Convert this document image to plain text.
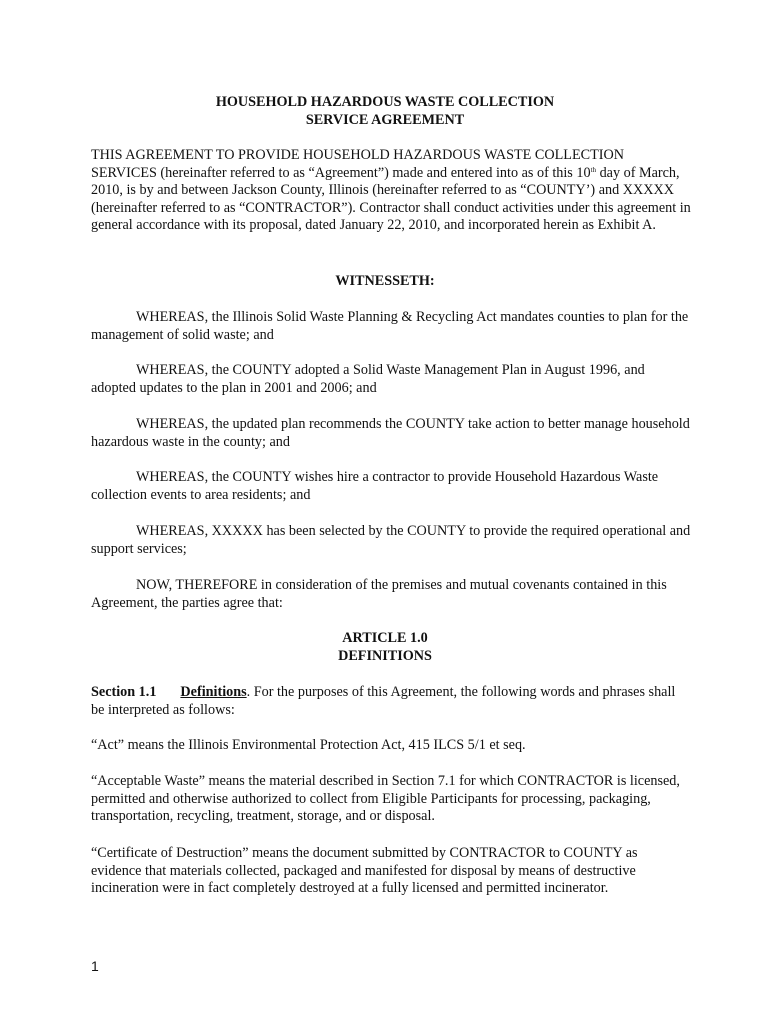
HOUSEHOLD HAZARDOUS WASTE COLLECTION
SERVICE AGREEMENT

THIS AGREEMENT TO PROVIDE HOUSEHOLD HAZARDOUS WASTE COLLECTION SERVICES (hereinafter referred to as “Agreement”) made and entered into as of this 10th day of March, 2010, is by and between Jackson County, Illinois (hereinafter referred to as “COUNTY’) and XXXXX (hereinafter referred to as “CONTRACTOR”). Contractor shall conduct activities under this agreement in general accordance with its proposal, dated January 22, 2010, and incorporated herein as Exhibit A.

WITNESSETH:

WHEREAS, the Illinois Solid Waste Planning & Recycling Act mandates counties to plan for the management of solid waste; and

WHEREAS, the COUNTY adopted a Solid Waste Management Plan in August 1996, and adopted updates to the plan in 2001 and 2006; and

WHEREAS, the updated plan recommends the COUNTY take action to better manage household hazardous waste in the county; and

WHEREAS, the COUNTY wishes hire a contractor to provide Household Hazardous Waste collection events to area residents; and

WHEREAS, XXXXX has been selected by the COUNTY to provide the required operational and support services;

NOW, THEREFORE in consideration of the premises and mutual covenants contained in this Agreement, the parties agree that:

ARTICLE 1.0
DEFINITIONS

Section 1.1 Definitions. For the purposes of this Agreement, the following words and phrases shall be interpreted as follows:

“Act” means the Illinois Environmental Protection Act, 415 ILCS 5/1 et seq.

“Acceptable Waste” means the material described in Section 7.1 for which CONTRACTOR is licensed, permitted and otherwise authorized to collect from Eligible Participants for processing, packaging, transportation, recycling, treatment, storage, and or disposal.

“Certificate of Destruction” means the document submitted by CONTRACTOR to COUNTY as evidence that materials collected, packaged and manifested for disposal by means of destructive incineration were in fact completely destroyed at a fully licensed and permitted incinerator.

1
